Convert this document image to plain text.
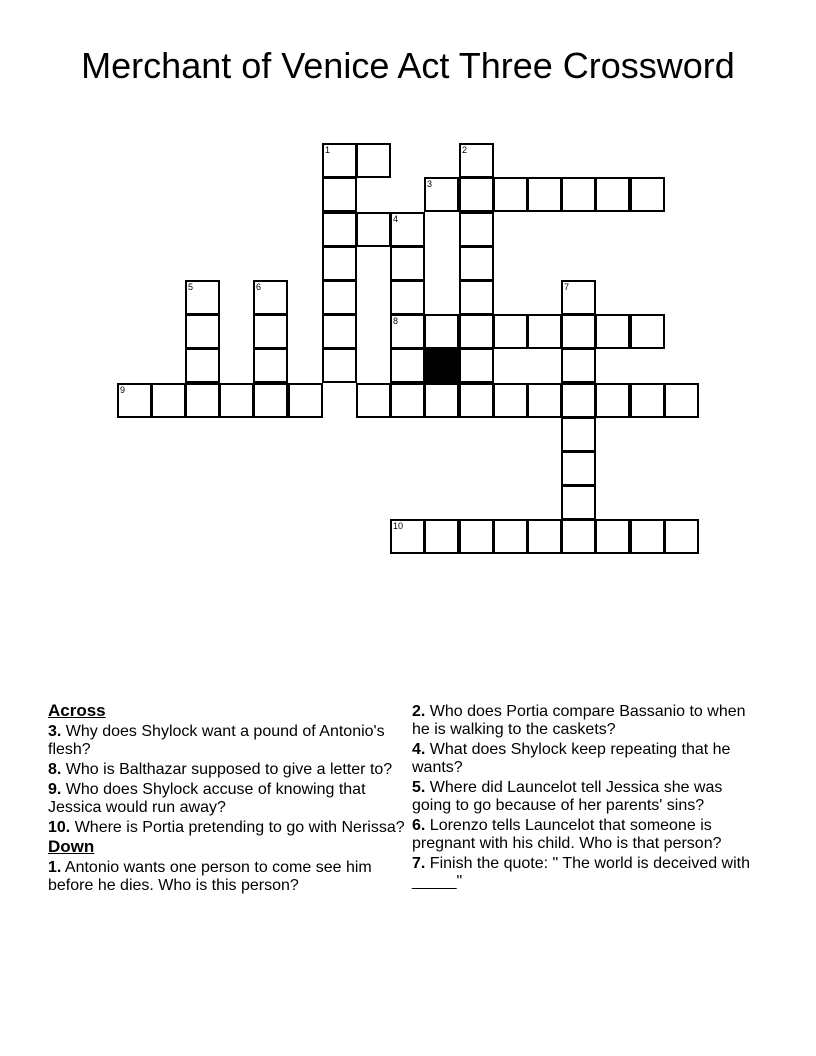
Merchant of Venice Act Three Crossword
1	2
3
4
5	6	7
8
9
10
Across
3. Why does Shylock want a pound of Antonio's flesh?
8. Who is Balthazar supposed to give a letter to?
9. Who does Shylock accuse of knowing that Jessica would run away?
10. Where is Portia pretending to go with Nerissa?
Down
1. Antonio wants one person to come see him before he dies. Who is this person?
2. Who does Portia compare Bassanio to when he is walking to the caskets?
4. What does Shylock keep repeating that he wants?
5. Where did Launcelot tell Jessica she was going to go because of her parents' sins?
6. Lorenzo tells Launcelot that someone is pregnant with his child. Who is that person?
7. Finish the quote: " The world is deceived with _____"
